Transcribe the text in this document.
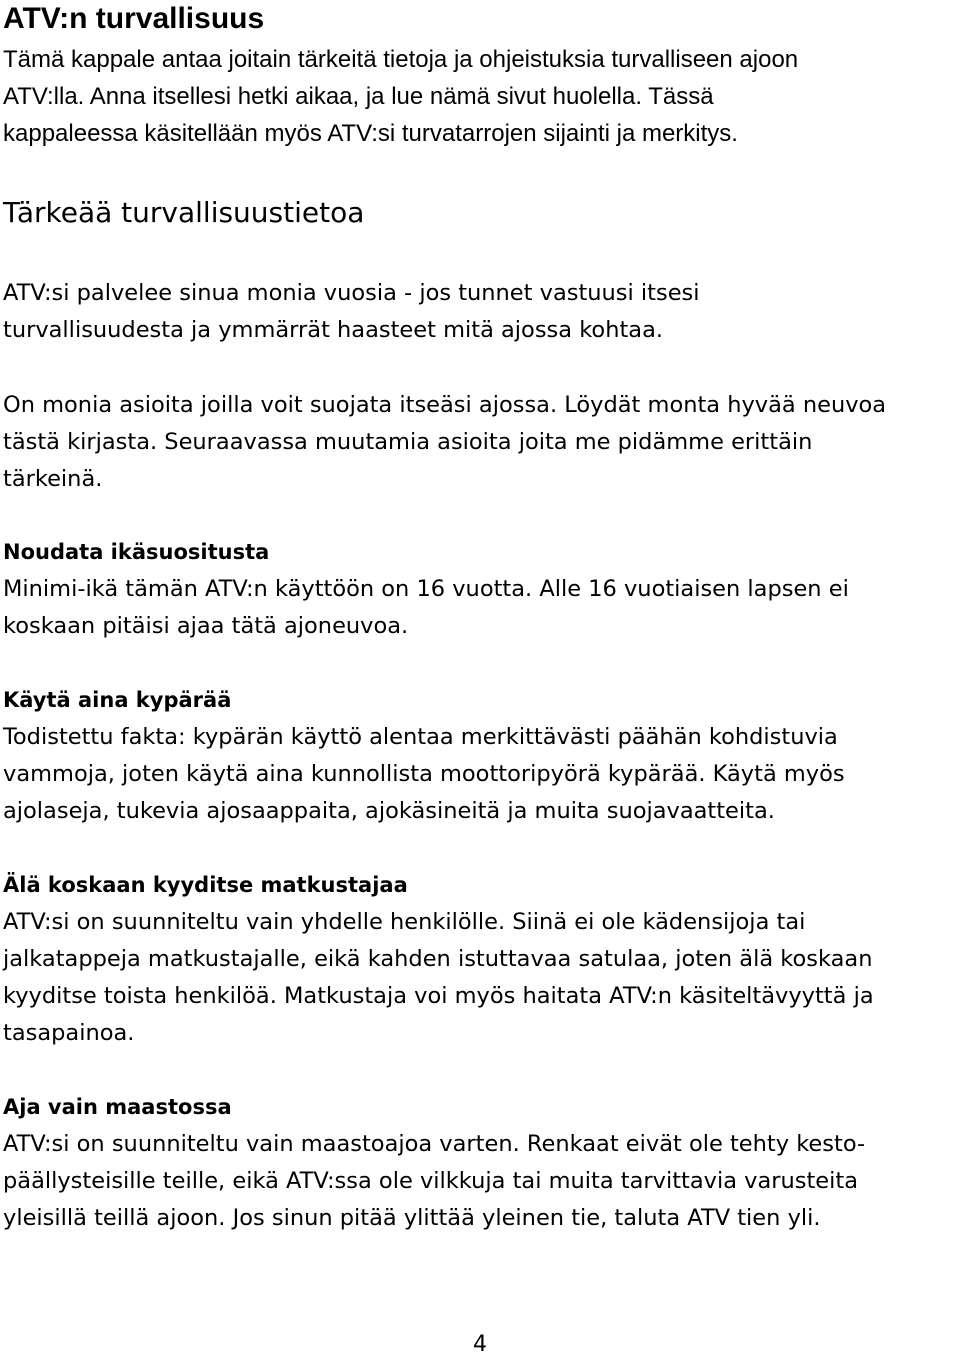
ATV:n turvallisuus

Tämä kappale antaa joitain tärkeitä tietoja ja ohjeistuksia turvalliseen ajoon
ATV:lla. Anna itsellesi hetki aikaa, ja lue nämä sivut huolella. Tässä
kappaleessa käsitellään myös ATV:si turvatarrojen sijainti ja merkitys.

Tärkeää turvallisuustietoa

ATV:si palvelee sinua monia vuosia - jos tunnet vastuusi itsesi
turvallisuudesta ja ymmärrät haasteet mitä ajossa kohtaa.

On monia asioita joilla voit suojata itseäsi ajossa. Löydät monta hyvää neuvoa
tästä kirjasta. Seuraavassa muutamia asioita joita me pidämme erittäin
tärkeinä.

Noudata ikäsuositusta

Minimi-ikä tämän ATV:n käyttöön on 16 vuotta. Alle 16 vuotiaisen lapsen ei
koskaan pitäisi ajaa tätä ajoneuvoa.

Käytä aina kypärää

Todistettu fakta: kypärän käyttö alentaa merkittävästi päähän kohdistuvia
vammoja, joten käytä aina kunnollista moottoripyörä kypärää. Käytä myös
ajolaseja, tukevia ajosaappaita, ajokäsineitä ja muita suojavaatteita.

Älä koskaan kyyditse matkustajaa

ATV:si on suunniteltu vain yhdelle henkilölle. Siinä ei ole kädensijoja tai
jalkatappeja matkustajalle, eikä kahden istuttavaa satulaa, joten älä koskaan
kyyditse toista henkilöä. Matkustaja voi myös haitata ATV:n käsiteltävyyttä ja
tasapainoa.

Aja vain maastossa

ATV:si on suunniteltu vain maastoajoa varten. Renkaat eivät ole tehty kesto-
päällysteisille teille, eikä ATV:ssa ole vilkkuja tai muita tarvittavia varusteita
yleisillä teillä ajoon. Jos sinun pitää ylittää yleinen tie, taluta ATV tien yli.

4
